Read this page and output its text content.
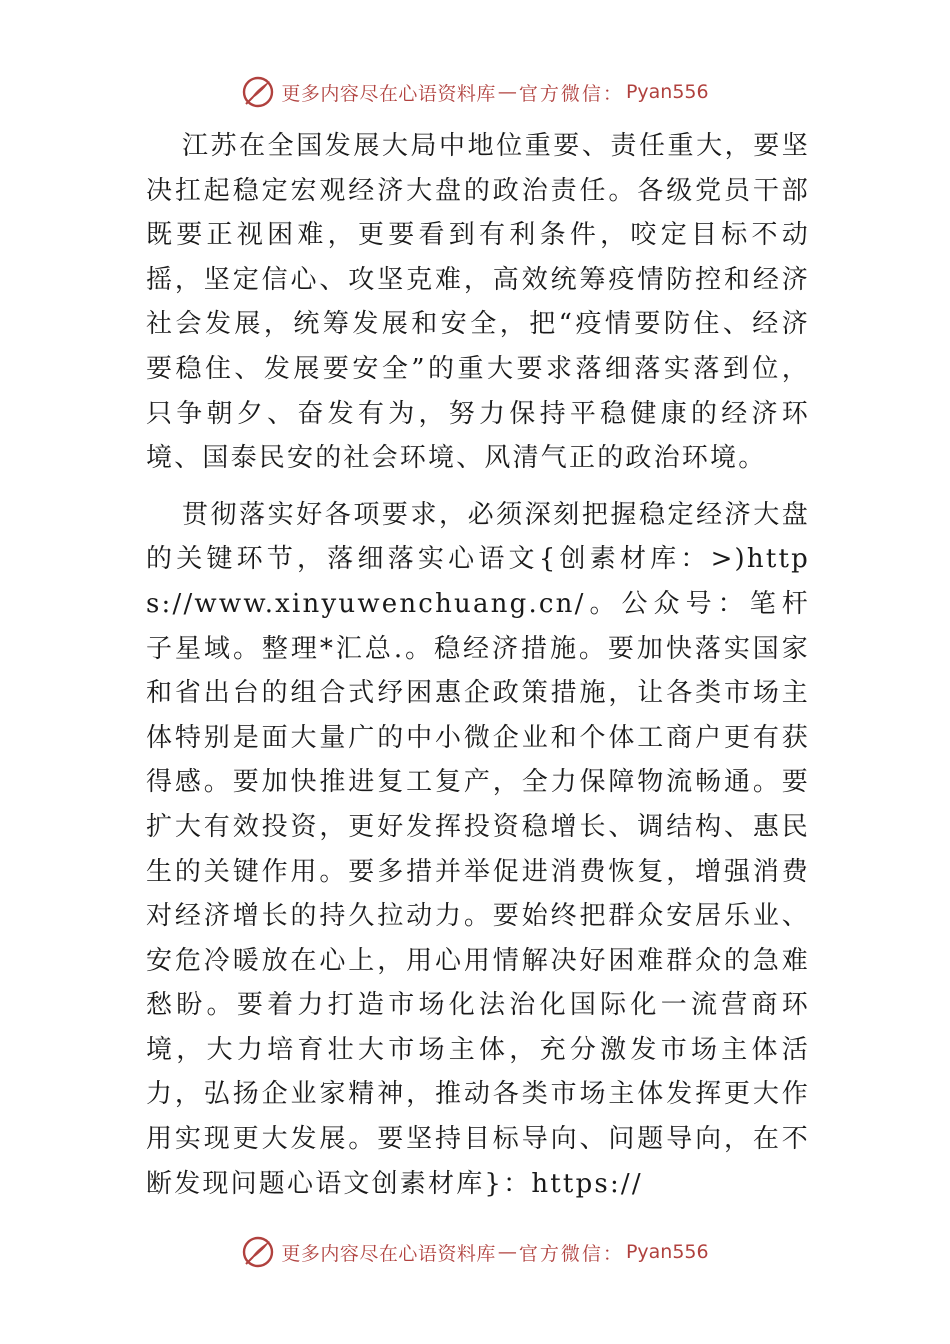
更多内容尽在心语资料库 — 官方微信： Pyan556

江苏在全国发展大局中地位重要、责任重大，要坚决扛起稳定宏观经济大盘的政治责任。各级党员干部既要正视困难，更要看到有利条件，咬定目标不动摇，坚定信心、攻坚克难，高效统筹疫情防控和经济社会发展，统筹发展和安全，把“疫情要防住、经济要稳住、发展要安全”的重大要求落细落实落到位，只争朝夕、奋发有为，努力保持平稳健康的经济环境、国泰民安的社会环境、风清气正的政治环境。

贯彻落实好各项要求，必须深刻把握稳定经济大盘的关键环节，落细落实心语文{创素材库：>)https://www.xinyuwenchuang.cn/。公众号：笔杆子星域。整理*汇总.。稳经济措施。要加快落实国家和省出台的组合式纾困惠企政策措施，让各类市场主体特别是面大量广的中小微企业和个体工商户更有获得感。要加快推进复工复产，全力保障物流畅通。要扩大有效投资，更好发挥投资稳增长、调结构、惠民生的关键作用。要多措并举促进消费恢复，增强消费对经济增长的持久拉动力。要始终把群众安居乐业、安危冷暖放在心上，用心用情解决好困难群众的急难愁盼。要着力打造市场化法治化国际化一流营商环境，大力培育壮大市场主体，充分激发市场主体活力，弘扬企业家精神，推动各类市场主体发挥更大作用实现更大发展。要坚持目标导向、问题导向，在不断发现问题心语文创素材库}：https://

更多内容尽在心语资料库 — 官方微信： Pyan556
